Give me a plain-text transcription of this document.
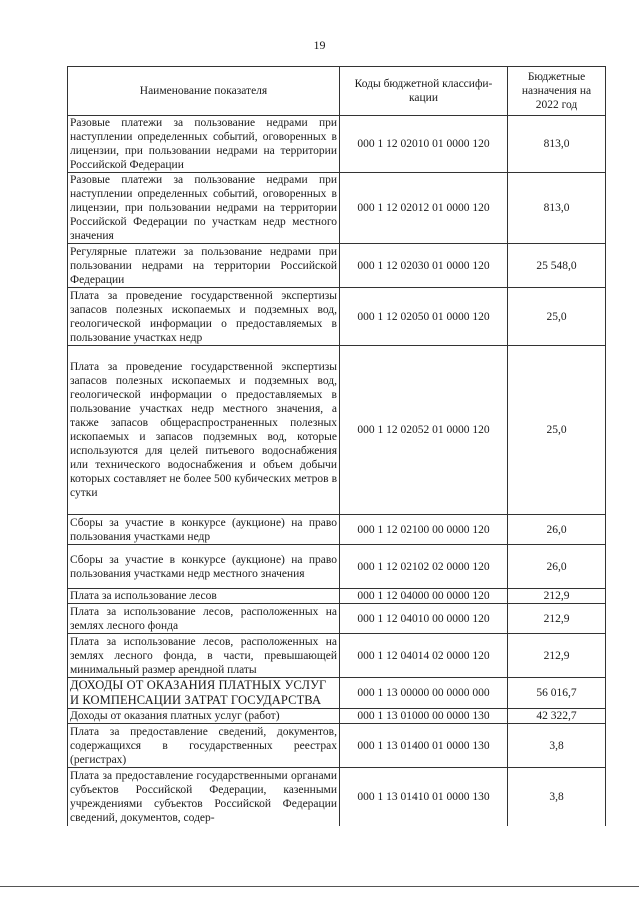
19
Наименование показателя	Коды бюджетной классифи-кации	Бюджетные назначения на 2022 год
Разовые платежи за пользование недрами при наступлении определенных событий, оговоренных в лицензии, при пользовании недрами на территории Российской Федерации	000 1 12 02010 01 0000 120	813,0
Разовые платежи за пользование недрами при наступлении определенных событий, оговоренных в лицензии, при пользовании недрами на территории Российской Федерации по участкам недр местного значения	000 1 12 02012 01 0000 120	813,0
Регулярные платежи за пользование недрами при пользовании недрами на территории Российской Федерации	000 1 12 02030 01 0000 120	25 548,0
Плата за проведение государственной экспертизы запасов полезных ископаемых и подземных вод, геологической информации о предоставляемых в пользование участках недр	000 1 12 02050 01 0000 120	25,0
Плата за проведение государственной экспертизы запасов полезных ископаемых и подземных вод, геологической информации о предоставляемых в пользование участках недр местного значения, а также запасов общераспространенных полезных ископаемых и запасов подземных вод, которые используются для целей питьевого водоснабжения или технического водоснабжения и объем добычи которых составляет не более 500 кубических метров в сутки	000 1 12 02052 01 0000 120	25,0
Сборы за участие в конкурсе (аукционе) на право пользования участками недр	000 1 12 02100 00 0000 120	26,0
Сборы за участие в конкурсе (аукционе) на право пользования участками недр местного значения	000 1 12 02102 02 0000 120	26,0
Плата за использование лесов	000 1 12 04000 00 0000 120	212,9
Плата за использование лесов, расположенных на землях лесного фонда	000 1 12 04010 00 0000 120	212,9
Плата за использование лесов, расположенных на землях лесного фонда, в части, превышающей минимальный размер арендной платы	000 1 12 04014 02 0000 120	212,9
ДОХОДЫ ОТ ОКАЗАНИЯ ПЛАТНЫХ УСЛУГ И КОМПЕНСАЦИИ ЗАТРАТ ГОСУДАРСТВА	000 1 13 00000 00 0000 000	56 016,7
Доходы от оказания платных услуг (работ)	000 1 13 01000 00 0000 130	42 322,7
Плата за предоставление сведений, документов, содержащихся в государственных реестрах (регистрах)	000 1 13 01400 01 0000 130	3,8
Плата за предоставление государственными органами субъектов Российской Федерации, казенными учреждениями субъектов Российской Федерации сведений, документов, содер-	000 1 13 01410 01 0000 130	3,8
